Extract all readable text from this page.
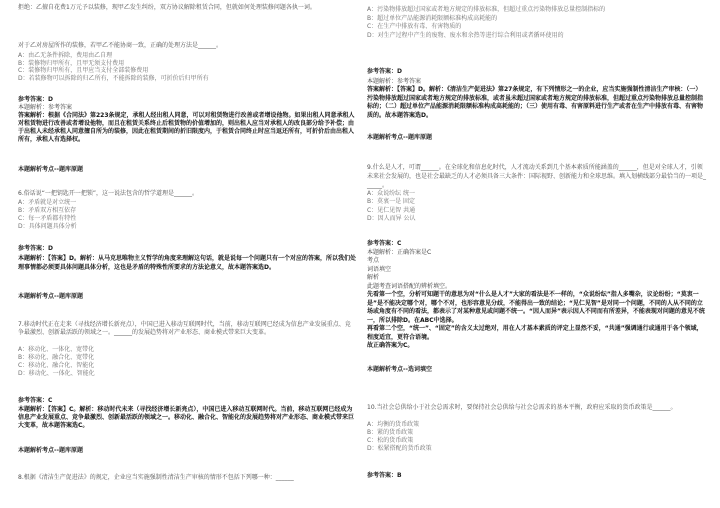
拒绝：乙擅自花费1万元予以装修，现甲乙发生纠纷，双方协议解除租赁合同，但就如何处理装修问题各执一词。
对于乙对房屋所作的装修，若甲乙不能协商一致，正确的处理方法是______。
A：由乙无条件拆除，费用由乙自理
B：装修物归甲所有，且甲无须支付费用
C：装修物归甲所有，且甲应当支付全部装修费用
D：若装修物可以拆除的归乙所有，不能拆除的装修，可折价后归甲所有
参考答案：D
本题解析：参考答案
答案解析：根据《合同法》第223条规定，承租人经出租人同意，可以对租赁物进行改善或者增设他物。如果出租人同意承租人对租赁物进行改善或者增设他物，而且在租赁关系终止后租赁物的价值增加的，则出租人应当对承租人的改良部分给予补偿；由于出租人未经承租人同意擅自所为的装修，因此在租赁期间的折旧限度内，于租赁合同终止时应当返还所有，可折价后由出租人所有，承租人有选择权。
本题解析考点--题库原题
6.俗话说“一把钥匙开一把锁”，这一说法包含的哲学道理是______。
A：矛盾就是对立统一
B：矛盾双方相互依存
C：每一矛盾都有特性
D：具体问题具体分析
参考答案：D
本题解析：【答案】D。解析：从马克思唯物主义哲学的角度来理解这句话，就是说每一个问题只有一个对应的答案，所以我们处理事情都必须要具体问题具体分析，这也是矛盾的特殊性所要求的方法论意义，故本题答案选D。
本题解析考点--题库原题
7.移动时代正在走来（寻找经济增长新亮点），中国已进入移动互联网时代，当前，移动互联网已经成为信息产业发展重点、竞争最激烈、创新最活跃的领域之一。______的发展趋势将对产业形态、商业模式带来巨大变革。
A：移动化、一体化、宽带化
B：移动化、融合化、宽带化
C：移动化、融合化、智能化
D：移动化、一体化、智能化
参考答案：C
本题解析：【答案】C。解析：移动时代未来（寻找经济增长新亮点），中国已进入移动互联网时代。当前，移动互联网已经成为信息产业发展重点、竞争最激烈、创新最活跃的领域之一。移动化、融合化、智能化的发展趋势将对产业形态、商业模式带来巨大变革，故本题答案选C。
本题解析考点--题库原题
8.根据《清洁生产促进法》的规定，企业应当实施强制性清洁生产审核的情形不包括下列哪一种：______
A：污染物排放超过国家或者地方规定的排放标准，但超过重点污染物排放总量控制指标的
B：超过单位产品能源消耗限额标准构成高耗能的
C：在生产中排放有毒、有害物质的
D：对生产过程中产生的废物、废水和余热等进行综合利用或者循环使用的
参考答案：D
本题解析：参考答案
答案解析：【答案】D。解析：《清洁生产促进法》第27条规定，有下列情形之一的企业，应当实施强制性清洁生产审核：（一）污染物排放超过国家或者地方规定的排放标准，或者虽未超过国家或者地方规定的排放标准，但超过重点污染物排放总量控制指标的；（二）超过单位产品能源消耗限额标准构成高耗能的；（三）使用有毒、有害原料进行生产或者在生产中排放有毒、有害物质的。故本题答案选D。
本题解析考点--题库原题
9.什么是人才，可谓______。在全球化和信息化时代，人才流动关系到几个基本素质所能涵盖的______，但是对全球人才，引领未来社会发展的，也是社会最缺乏的人才必须具备三大条件：国际视野、创新能力和全球思维。填入划横线部分最恰当的一项是______。
A：众说纷纭 统一
B：莫衷一是 固定
C：见仁见智 共通
D：因人而异 公认
参考答案：C
本题解析：正确答案是C
考点
词语填空
解析
此题考查词语搭配的辨析填空。
先看第一个空，分析可知题干的意思为对“什么是人才”大家的看法是不一样的，“众说纷纭”指人多嘴杂，议论纷纷；“莫衷一是”是不能决定哪个对，哪个不对，也形容意见分歧，不能得出一致的结论；“见仁见智”是对同一个问题，不同的人从不同的立场或角度有不同的看法，都表示了对某种意见或问题不统一。“因人而异”表示因人不同而有所差异，不能表现对问题的意见不统一，所以排除D。在ABC中选择。
再看第二个空，“统一”、“固定”的含义太过绝对，用在人才基本素质的评定上显然不妥，“共通”强调通行或通用于各个领域，程度适宜，更符合语境。
故正确答案为C。
本题解析考点--选词填空
10.当社会总供给小于社会总需求时，要保持社会总供给与社会总需求的基本平衡，政府应采取的货币政策是______。
A：均衡的货币政策
B：紧的货币政策
C：松的货币政策
D：松紧搭配的货币政策
参考答案：B
